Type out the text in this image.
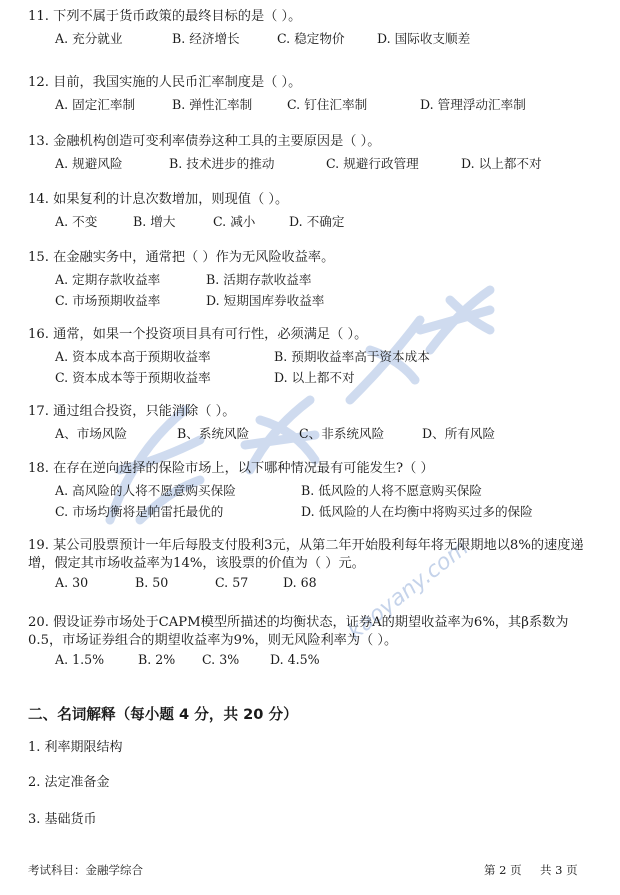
kaoyany.com
11. 下列不属于货币政策的最终目标的是（ ）。
A. 充分就业	B. 经济增长	C. 稳定物价	D. 国际收支顺差
12. 目前，我国实施的人民币汇率制度是（ ）。
A. 固定汇率制	B. 弹性汇率制	C. 钉住汇率制	D. 管理浮动汇率制
13. 金融机构创造可变利率债券这种工具的主要原因是（ ）。
A. 规避风险	B. 技术进步的推动	C. 规避行政管理	D. 以上都不对
14. 如果复利的计息次数增加，则现值（ ）。
A. 不变	B. 增大	C. 减小	D. 不确定
15. 在金融实务中，通常把（ ）作为无风险收益率。
A. 定期存款收益率	B. 活期存款收益率
C. 市场预期收益率	D. 短期国库券收益率
16. 通常，如果一个投资项目具有可行性，必须满足（ ）。
A. 资本成本高于预期收益率	B. 预期收益率高于资本成本
C. 资本成本等于预期收益率	D. 以上都不对
17. 通过组合投资，只能消除（ ）。
A、市场风险	B、系统风险	C、非系统风险	D、所有风险
18. 在存在逆向选择的保险市场上，以下哪种情况最有可能发生?（ ）
A. 高风险的人将不愿意购买保险	B. 低风险的人将不愿意购买保险
C. 市场均衡将是帕雷托最优的	D. 低风险的人在均衡中将购买过多的保险
19. 某公司股票预计一年后每股支付股利3元，从第二年开始股利每年将无限期地以8%的速度递增，假定其市场收益率为14%，该股票的价值为（ ）元。
A. 30	B. 50	C. 57	D. 68
20. 假设证券市场处于CAPM模型所描述的均衡状态，证券A的期望收益率为6%，其β系数为0.5，市场证券组合的期望收益率为9%，则无风险利率为（ ）。
A. 1.5%	B. 2% C. 3% D. 4.5%
二、名词解释（每小题 4 分，共 20 分）
1. 利率期限结构
2. 法定准备金
3. 基础货币
考试科目：金融学综合	第 2 页 共 3 页
